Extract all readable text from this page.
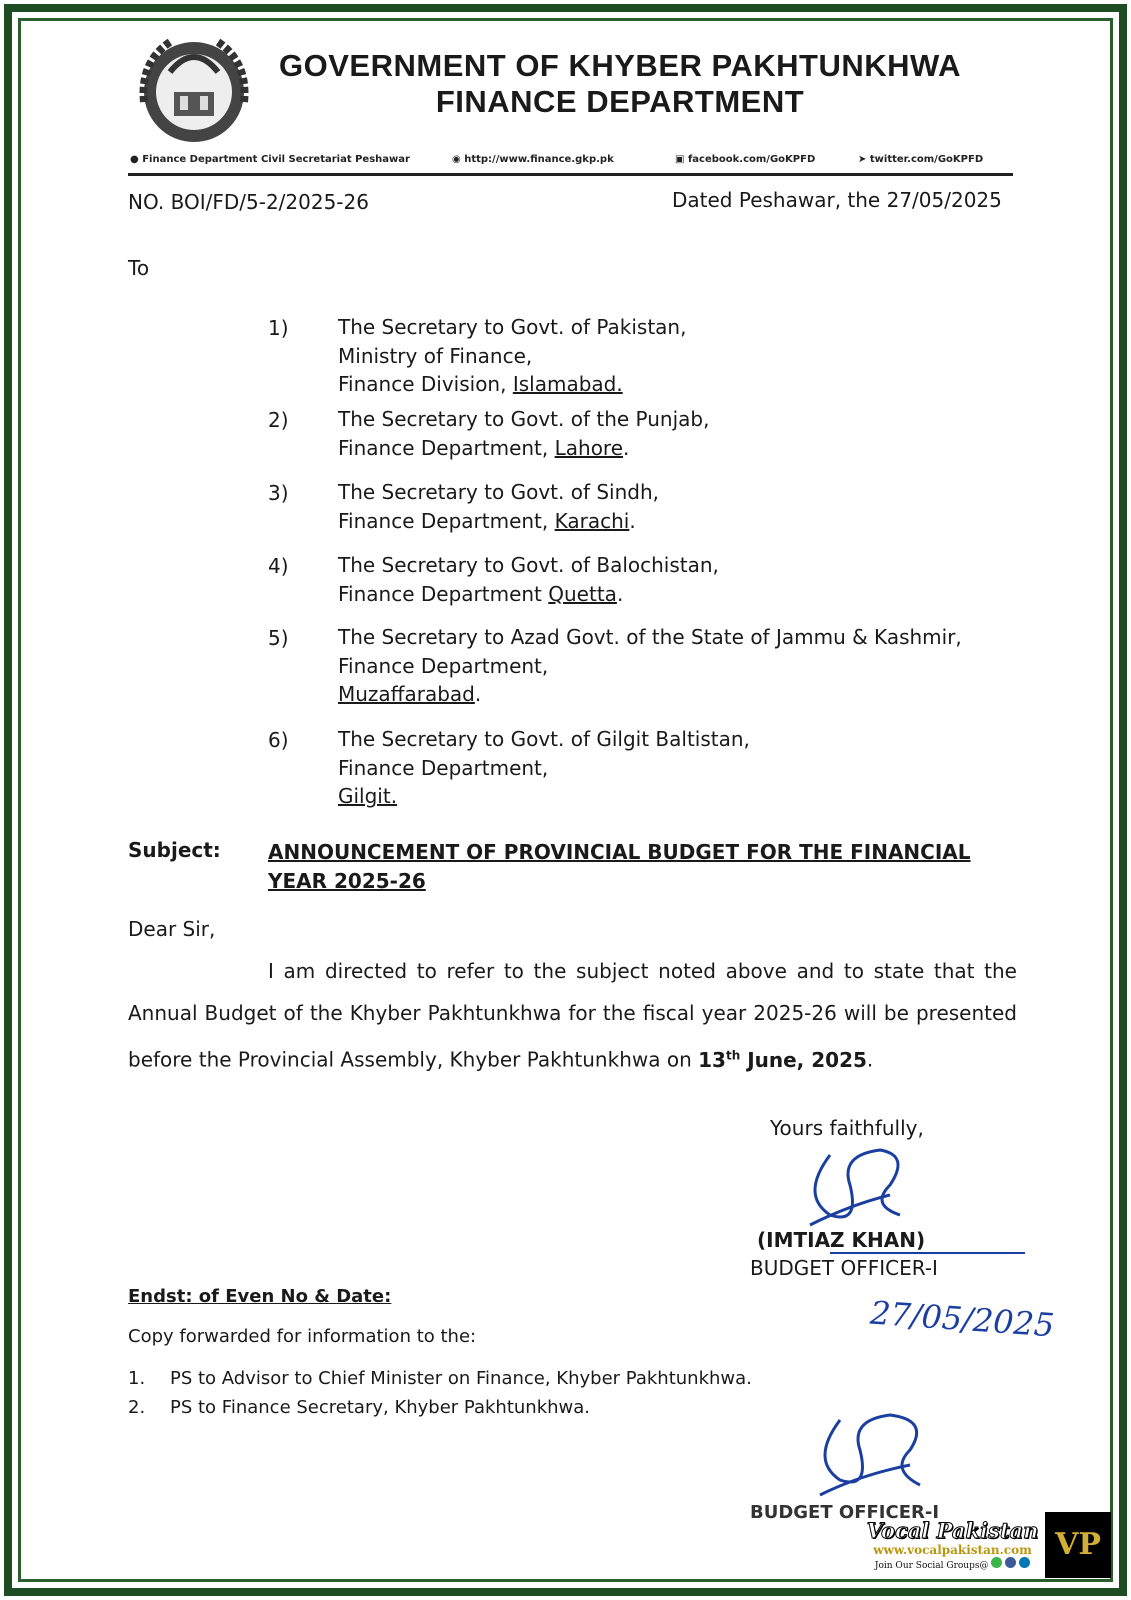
GOVERNMENT OF KHYBER PAKHTUNKHWA
FINANCE DEPARTMENT
● Finance Department Civil Secretariat Peshawar	◉ http://www.finance.gkp.pk	▣ facebook.com/GoKPFD	➤ twitter.com/GoKPFD
NO. BOI/FD/5-2/2025-26	Dated Peshawar, the 27/05/2025
To
1) The Secretary to Govt. of Pakistan,
Ministry of Finance,
Finance Division, Islamabad.
2) The Secretary to Govt. of the Punjab,
Finance Department, Lahore.
3) The Secretary to Govt. of Sindh,
Finance Department, Karachi.
4) The Secretary to Govt. of Balochistan,
Finance Department Quetta.
5) The Secretary to Azad Govt. of the State of Jammu & Kashmir,
Finance Department,
Muzaffarabad.
6) The Secretary to Govt. of Gilgit Baltistan,
Finance Department,
Gilgit.
Subject: ANNOUNCEMENT OF PROVINCIAL BUDGET FOR THE FINANCIAL
YEAR 2025-26
Dear Sir,
I am directed to refer to the subject noted above and to state that the Annual Budget of the Khyber Pakhtunkhwa for the fiscal year 2025-26 will be presented before the Provincial Assembly, Khyber Pakhtunkhwa on 13th June, 2025.
Yours faithfully,
(IMTIAZ KHAN)
BUDGET OFFICER-I
27/05/2025
Endst: of Even No & Date:
Copy forwarded for information to the:
1. PS to Advisor to Chief Minister on Finance, Khyber Pakhtunkhwa.
2. PS to Finance Secretary, Khyber Pakhtunkhwa.
BUDGET OFFICER-I
Vocal Pakistan
www.vocalpakistan.com
Join Our Social Groups@
VP
